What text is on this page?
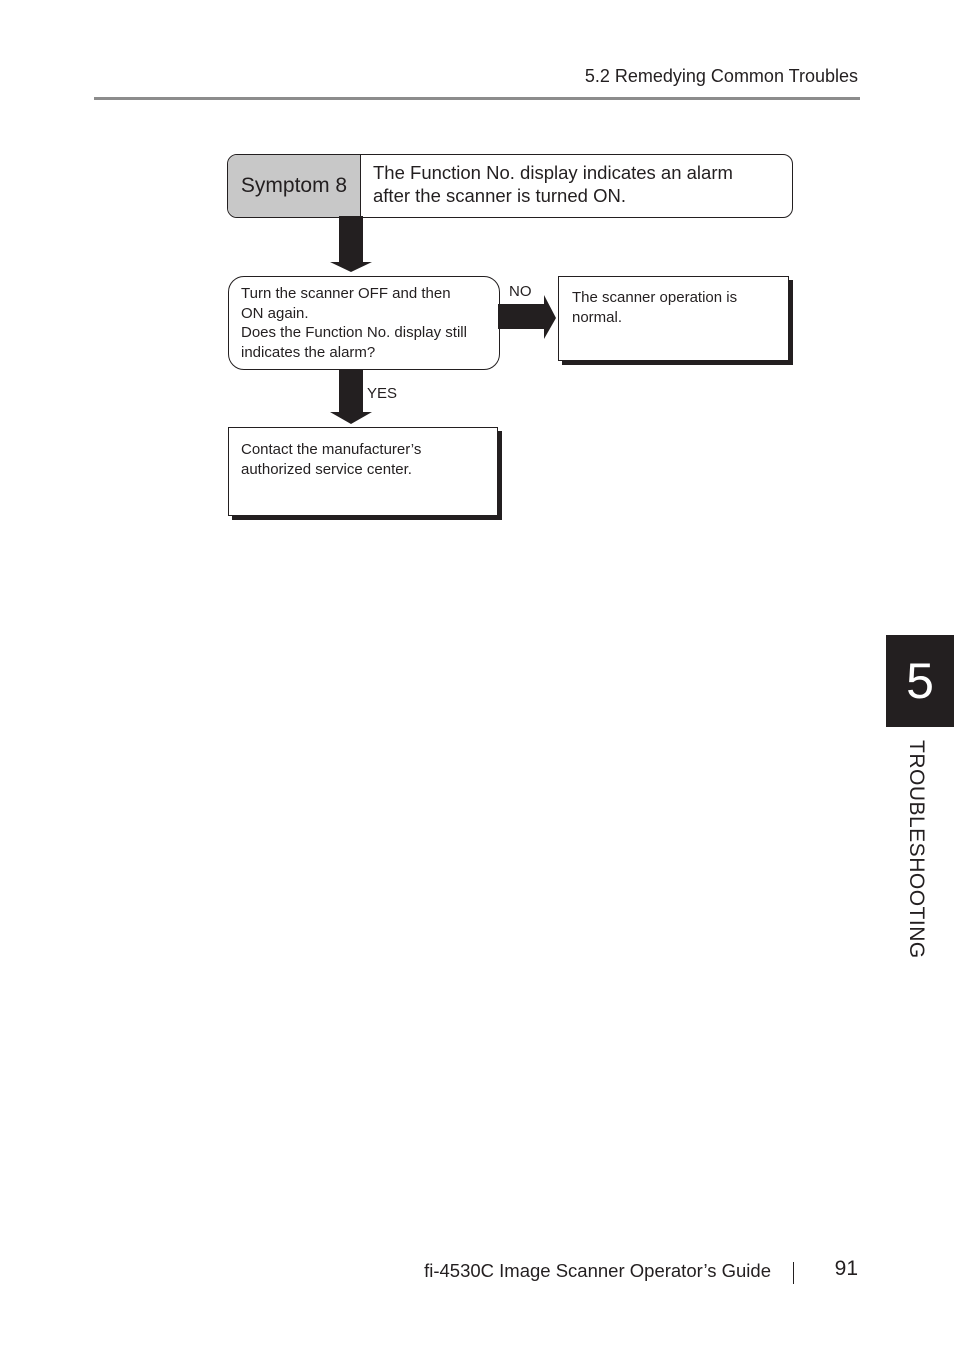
5.2 Remedying Common Troubles
Symptom 8
The Function No. display indicates an alarm
after the scanner is turned ON.
Turn the scanner OFF and then
ON again.
Does the Function No. display still
indicates the alarm?
NO	The scanner operation is
normal.
YES
Contact the manufacturer’s
authorized service center.
5
TROUBLESHOOTING
fi-4530C Image Scanner Operator’s Guide	91
